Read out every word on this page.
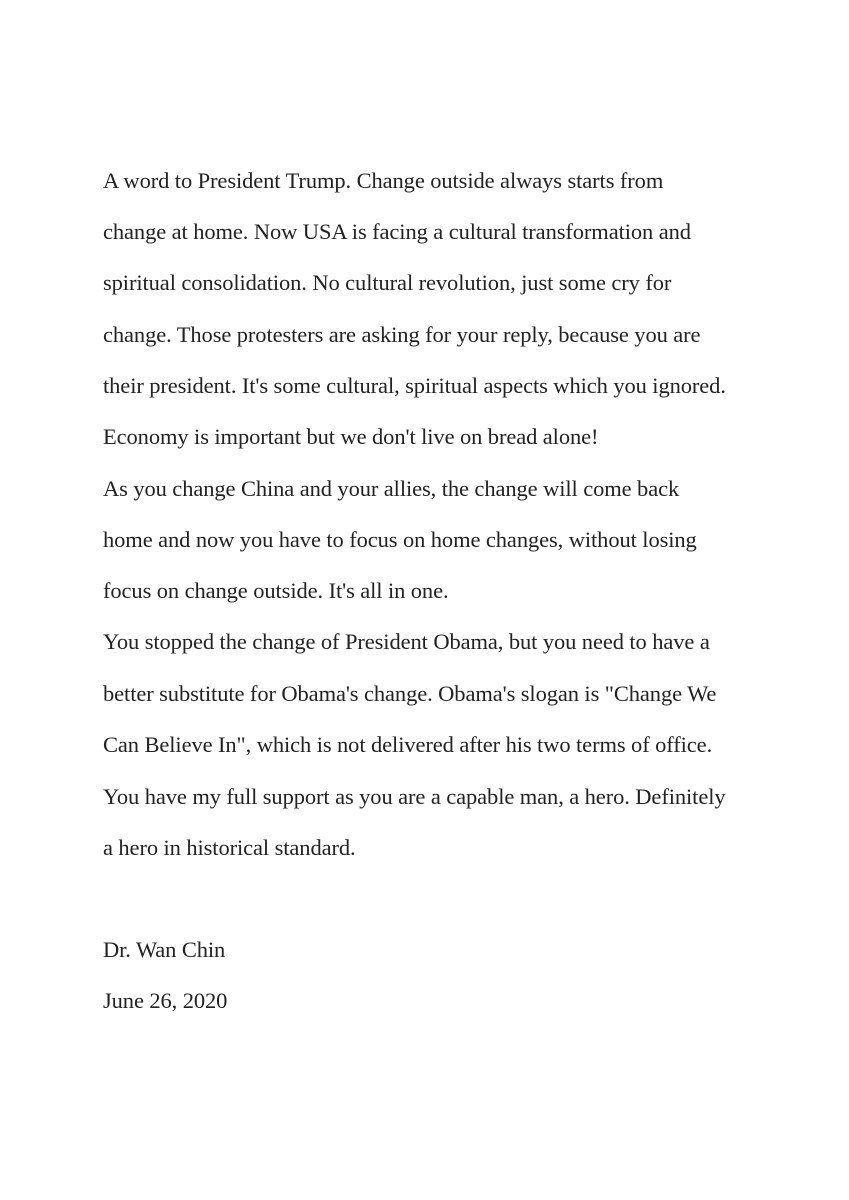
A word to President Trump. Change outside always starts from
change at home. Now USA is facing a cultural transformation and
spiritual consolidation. No cultural revolution, just some cry for
change. Those protesters are asking for your reply, because you are
their president. It's some cultural, spiritual aspects which you ignored.
Economy is important but we don't live on bread alone!
As you change China and your allies, the change will come back
home and now you have to focus on home changes, without losing
focus on change outside. It's all in one.
You stopped the change of President Obama, but you need to have a
better substitute for Obama's change. Obama's slogan is "Change We
Can Believe In", which is not delivered after his two terms of office.
You have my full support as you are a capable man, a hero. Definitely
a hero in historical standard.
Dr. Wan Chin
June 26, 2020
